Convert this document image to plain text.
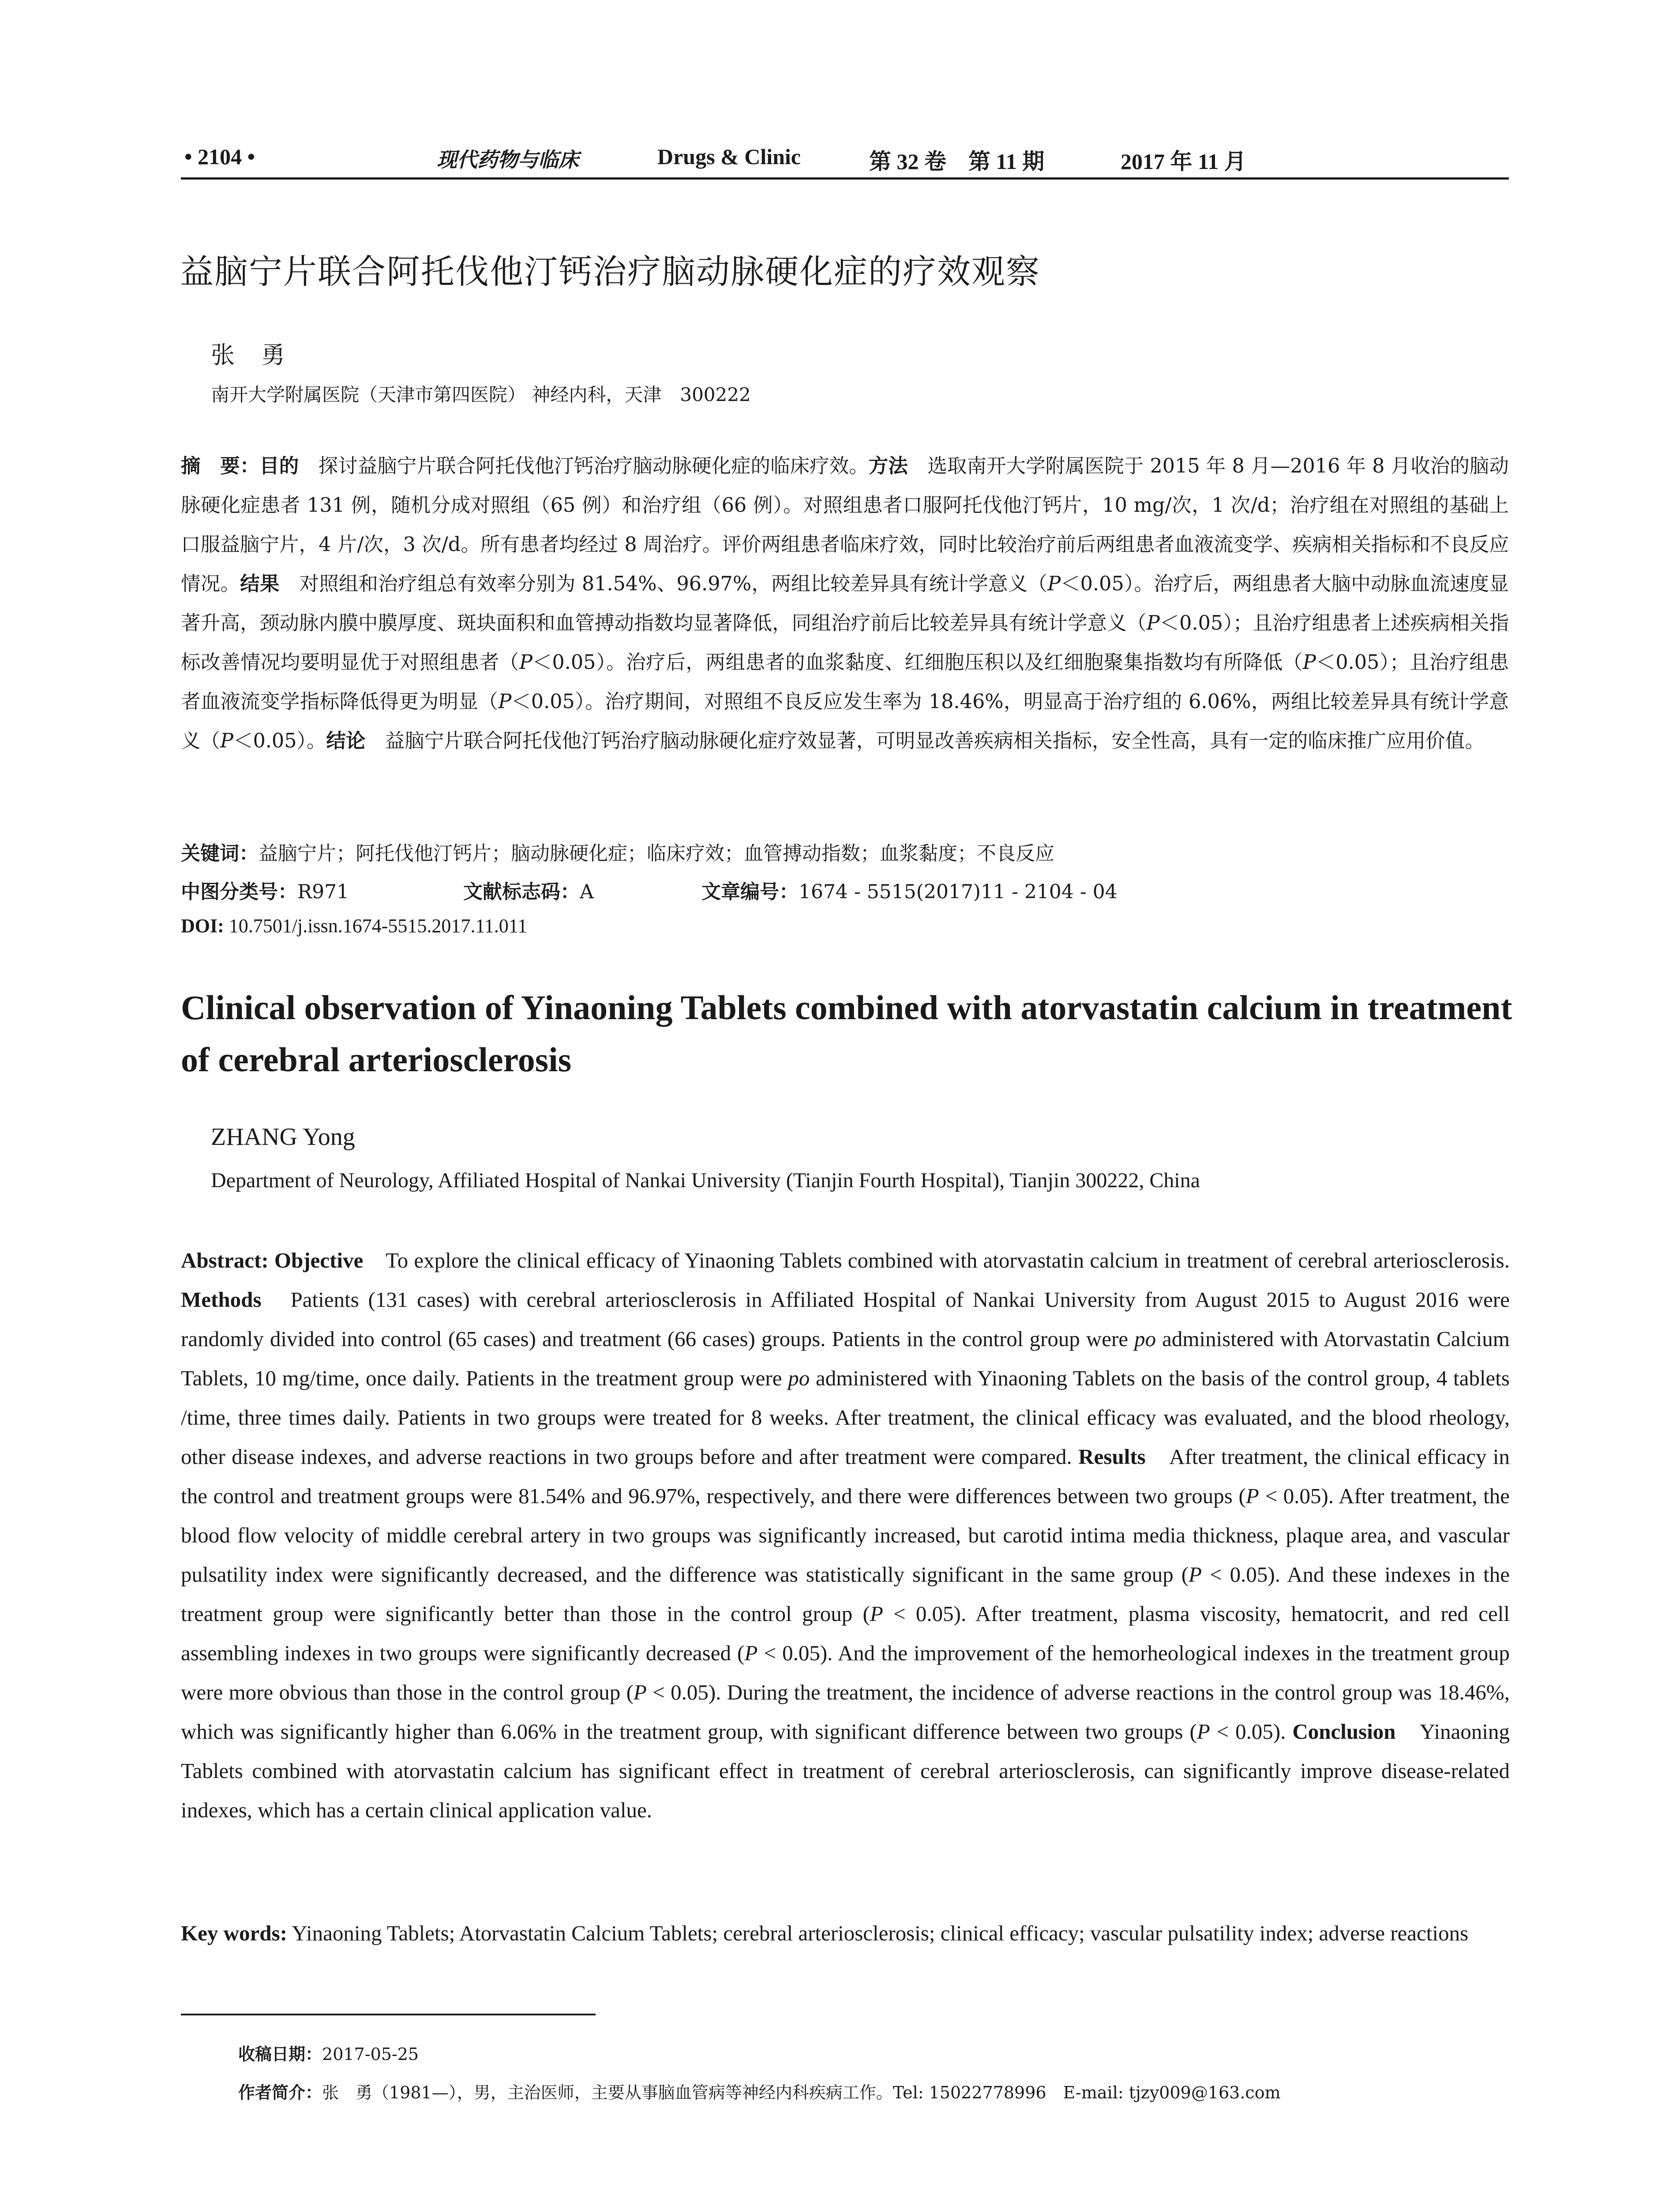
• 2104 •	现代药物与临床	Drugs & Clinic	第 32 卷　第 11 期	2017 年 11 月
益脑宁片联合阿托伐他汀钙治疗脑动脉硬化症的疗效观察
张勇
南开大学附属医院（天津市第四医院） 神经内科，天津　300222
摘　要：目的　探讨益脑宁片联合阿托伐他汀钙治疗脑动脉硬化症的临床疗效。方法　选取南开大学附属医院于 2015 年 8 月—2016 年 8 月收治的脑动脉硬化症患者 131 例，随机分成对照组（65 例）和治疗组（66 例）。对照组患者口服阿托伐他汀钙片，10 mg/次，1 次/d；治疗组在对照组的基础上口服益脑宁片，4 片/次，3 次/d。所有患者均经过 8 周治疗。评价两组患者临床疗效，同时比较治疗前后两组患者血液流变学、疾病相关指标和不良反应情况。结果　对照组和治疗组总有效率分别为 81.54%、96.97%，两组比较差异具有统计学意义（P＜0.05）。治疗后，两组患者大脑中动脉血流速度显著升高，颈动脉内膜中膜厚度、斑块面积和血管搏动指数均显著降低，同组治疗前后比较差异具有统计学意义（P＜0.05）；且治疗组患者上述疾病相关指标改善情况均要明显优于对照组患者（P＜0.05）。治疗后，两组患者的血浆黏度、红细胞压积以及红细胞聚集指数均有所降低（P＜0.05）；且治疗组患者血液流变学指标降低得更为明显（P＜0.05）。治疗期间，对照组不良反应发生率为 18.46%，明显高于治疗组的 6.06%，两组比较差异具有统计学意义（P＜0.05）。结论　益脑宁片联合阿托伐他汀钙治疗脑动脉硬化症疗效显著，可明显改善疾病相关指标，安全性高，具有一定的临床推广应用价值。
关键词：益脑宁片；阿托伐他汀钙片；脑动脉硬化症；临床疗效；血管搏动指数；血浆黏度；不良反应
中图分类号：R971	文献标志码：A	文章编号：1674 - 5515(2017)11 - 2104 - 04
DOI: 10.7501/j.issn.1674-5515.2017.11.011
Clinical observation of Yinaoning Tablets combined with atorvastatin calcium in treatment of cerebral arteriosclerosis
ZHANG Yong
Department of Neurology, Affiliated Hospital of Nankai University (Tianjin Fourth Hospital), Tianjin 300222, China
Abstract: Objective　To explore the clinical efficacy of Yinaoning Tablets combined with atorvastatin calcium in treatment of cerebral arteriosclerosis. Methods　Patients (131 cases) with cerebral arteriosclerosis in Affiliated Hospital of Nankai University from August 2015 to August 2016 were randomly divided into control (65 cases) and treatment (66 cases) groups. Patients in the control group were po administered with Atorvastatin Calcium Tablets, 10 mg/time, once daily. Patients in the treatment group were po administered with Yinaoning Tablets on the basis of the control group, 4 tablets /time, three times daily. Patients in two groups were treated for 8 weeks. After treatment, the clinical efficacy was evaluated, and the blood rheology, other disease indexes, and adverse reactions in two groups before and after treatment were compared. Results　After treatment, the clinical efficacy in the control and treatment groups were 81.54% and 96.97%, respectively, and there were differences between two groups (P < 0.05). After treatment, the blood flow velocity of middle cerebral artery in two groups was significantly increased, but carotid intima media thickness, plaque area, and vascular pulsatility index were significantly decreased, and the difference was statistically significant in the same group (P < 0.05). And these indexes in the treatment group were significantly better than those in the control group (P < 0.05). After treatment, plasma viscosity, hematocrit, and red cell assembling indexes in two groups were significantly decreased (P < 0.05). And the improvement of the hemorheological indexes in the treatment group were more obvious than those in the control group (P < 0.05). During the treatment, the incidence of adverse reactions in the control group was 18.46%, which was significantly higher than 6.06% in the treatment group, with significant difference between two groups (P < 0.05). Conclusion　Yinaoning Tablets combined with atorvastatin calcium has significant effect in treatment of cerebral arteriosclerosis, can significantly improve disease-related indexes, which has a certain clinical application value.
Key words: Yinaoning Tablets; Atorvastatin Calcium Tablets; cerebral arteriosclerosis; clinical efficacy; vascular pulsatility index; adverse reactions
收稿日期：2017-05-25
作者简介：张　勇（1981—），男，主治医师，主要从事脑血管病等神经内科疾病工作。Tel: 15022778996　E-mail: tjzy009@163.com
